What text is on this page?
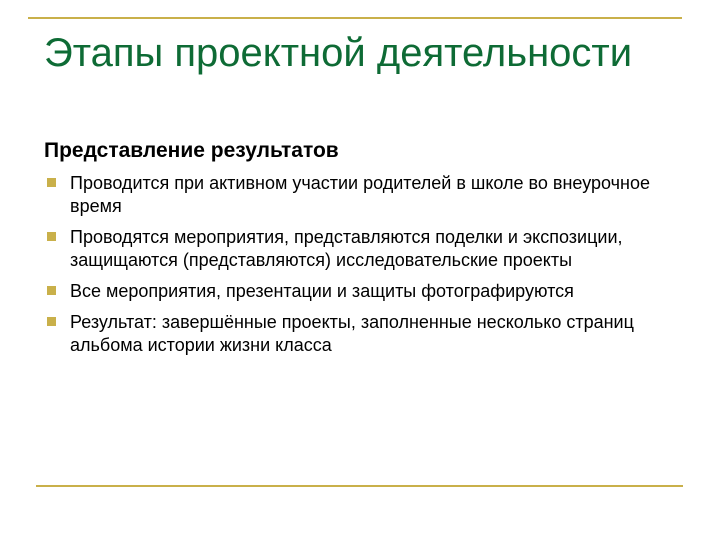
Этапы проектной деятельности
Представление результатов
Проводится при активном участии родителей в школе во внеурочное время
Проводятся мероприятия, представляются поделки и экспозиции, защищаются (представляются) исследовательские проекты
Все мероприятия, презентации и защиты фотографируются
Результат: завершённые проекты, заполненные несколько страниц альбома истории жизни класса
